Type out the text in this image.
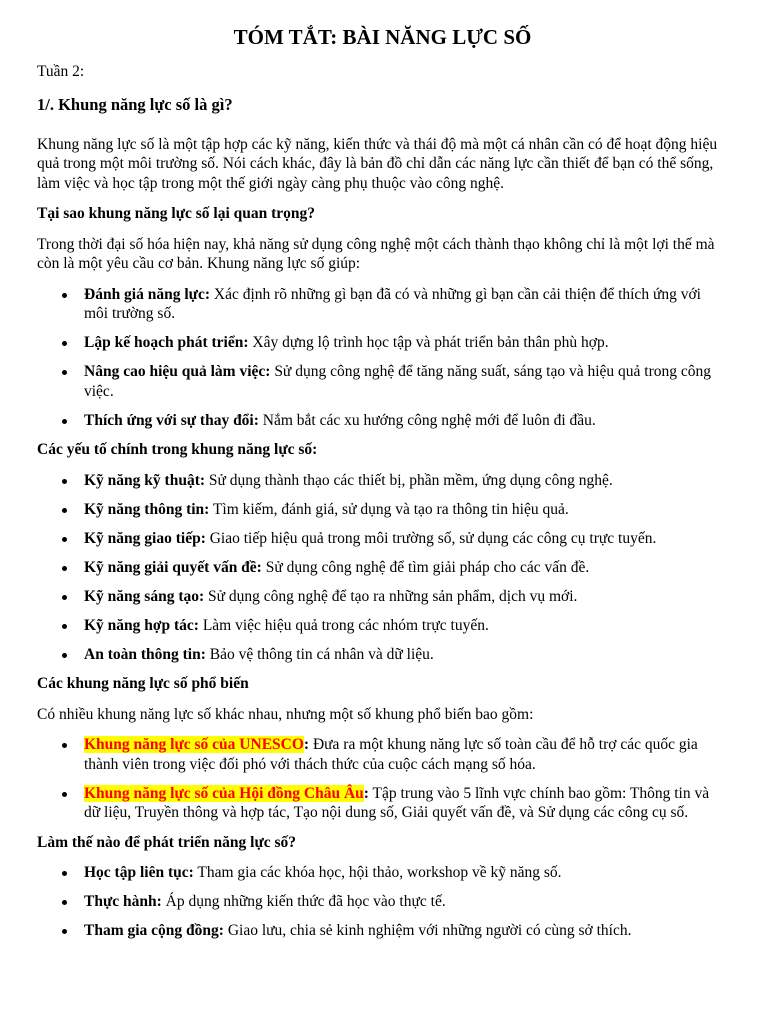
TÓM TẮT: BÀI NĂNG LỰC SỐ
Tuần 2:
1/. Khung năng lực số là gì?

Khung năng lực số là một tập hợp các kỹ năng, kiến thức và thái độ mà một cá nhân cần có để hoạt động hiệu quả trong một môi trường số. Nói cách khác, đây là bản đồ chỉ dẫn các năng lực cần thiết để bạn có thể sống, làm việc và học tập trong một thế giới ngày càng phụ thuộc vào công nghệ.

Tại sao khung năng lực số lại quan trọng?

Trong thời đại số hóa hiện nay, khả năng sử dụng công nghệ một cách thành thạo không chỉ là một lợi thế mà còn là một yêu cầu cơ bản. Khung năng lực số giúp:

Đánh giá năng lực: Xác định rõ những gì bạn đã có và những gì bạn cần cải thiện để thích ứng với môi trường số.
Lập kế hoạch phát triển: Xây dựng lộ trình học tập và phát triển bản thân phù hợp.
Nâng cao hiệu quả làm việc: Sử dụng công nghệ để tăng năng suất, sáng tạo và hiệu quả trong công việc.
Thích ứng với sự thay đổi: Nắm bắt các xu hướng công nghệ mới để luôn đi đầu.
Các yếu tố chính trong khung năng lực số:
Kỹ năng kỹ thuật: Sử dụng thành thạo các thiết bị, phần mềm, ứng dụng công nghệ.
Kỹ năng thông tin: Tìm kiếm, đánh giá, sử dụng và tạo ra thông tin hiệu quả.
Kỹ năng giao tiếp: Giao tiếp hiệu quả trong môi trường số, sử dụng các công cụ trực tuyến.
Kỹ năng giải quyết vấn đề: Sử dụng công nghệ để tìm giải pháp cho các vấn đề.
Kỹ năng sáng tạo: Sử dụng công nghệ để tạo ra những sản phẩm, dịch vụ mới.
Kỹ năng hợp tác: Làm việc hiệu quả trong các nhóm trực tuyến.
An toàn thông tin: Bảo vệ thông tin cá nhân và dữ liệu.
Các khung năng lực số phổ biến

Có nhiều khung năng lực số khác nhau, nhưng một số khung phổ biến bao gồm:

Khung năng lực số của UNESCO: Đưa ra một khung năng lực số toàn cầu để hỗ trợ các quốc gia thành viên trong việc đối phó với thách thức của cuộc cách mạng số hóa.
Khung năng lực số của Hội đồng Châu Âu: Tập trung vào 5 lĩnh vực chính bao gồm: Thông tin và dữ liệu, Truyền thông và hợp tác, Tạo nội dung số, Giải quyết vấn đề, và Sử dụng các công cụ số.
Làm thế nào để phát triển năng lực số?
Học tập liên tục: Tham gia các khóa học, hội thảo, workshop về kỹ năng số.
Thực hành: Áp dụng những kiến thức đã học vào thực tế.
Tham gia cộng đồng: Giao lưu, chia sẻ kinh nghiệm với những người có cùng sở thích.
